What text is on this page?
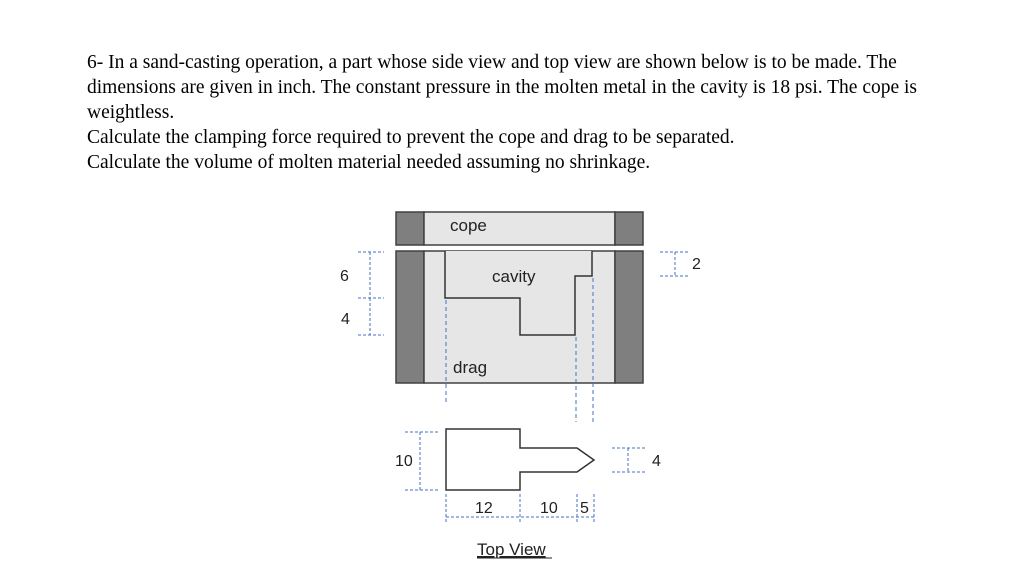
6- In a sand-casting operation, a part whose side view and top view are shown below is to be made. The dimensions are given in inch. The constant pressure in the molten metal in the cavity is 18 psi. The cope is weightless.

Calculate the clamping force required to prevent the cope and drag to be separated.

Calculate the volume of molten material needed assuming no shrinkage.

cope
cavity
drag
6
4
2
10	4
12	10 5
Top View
